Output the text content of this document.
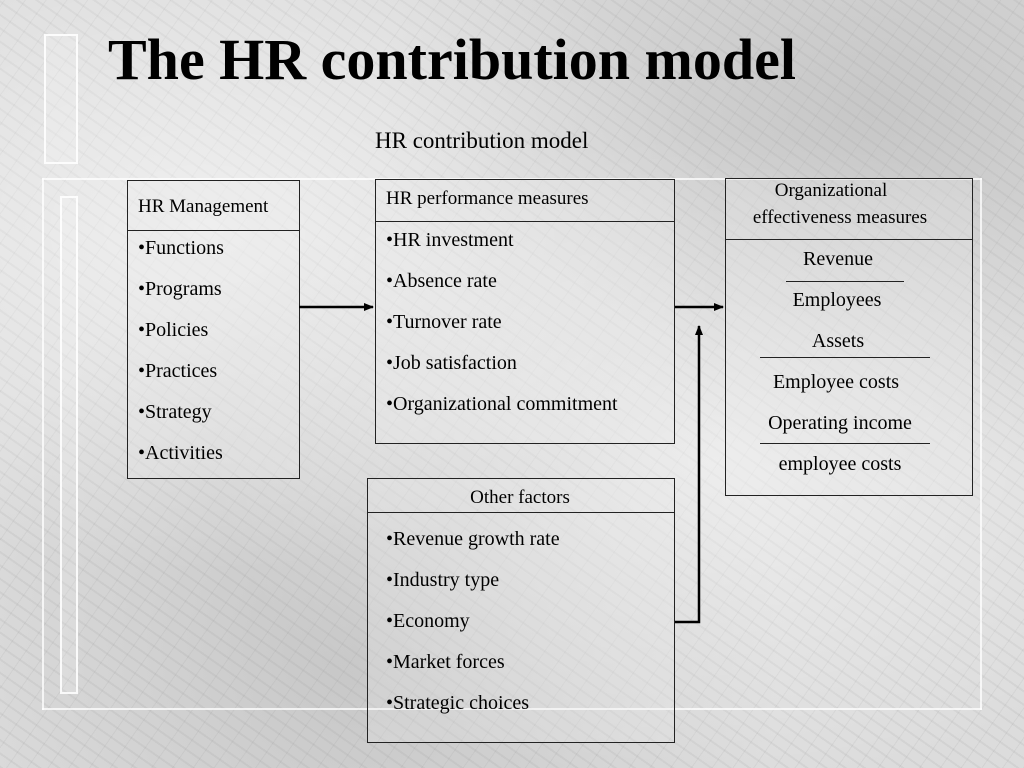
The HR contribution model
HR contribution model
HR Management
•Functions
•Programs
•Policies
•Practices
•Strategy
•Activities
HR performance measures
•HR investment
•Absence rate
•Turnover rate
•Job satisfaction
•Organizational commitment
Organizational
effectiveness measures
Revenue
Employees
Assets
Employee costs
Operating income
employee costs
Other factors
•Revenue growth rate
•Industry type
•Economy
•Market forces
•Strategic choices
